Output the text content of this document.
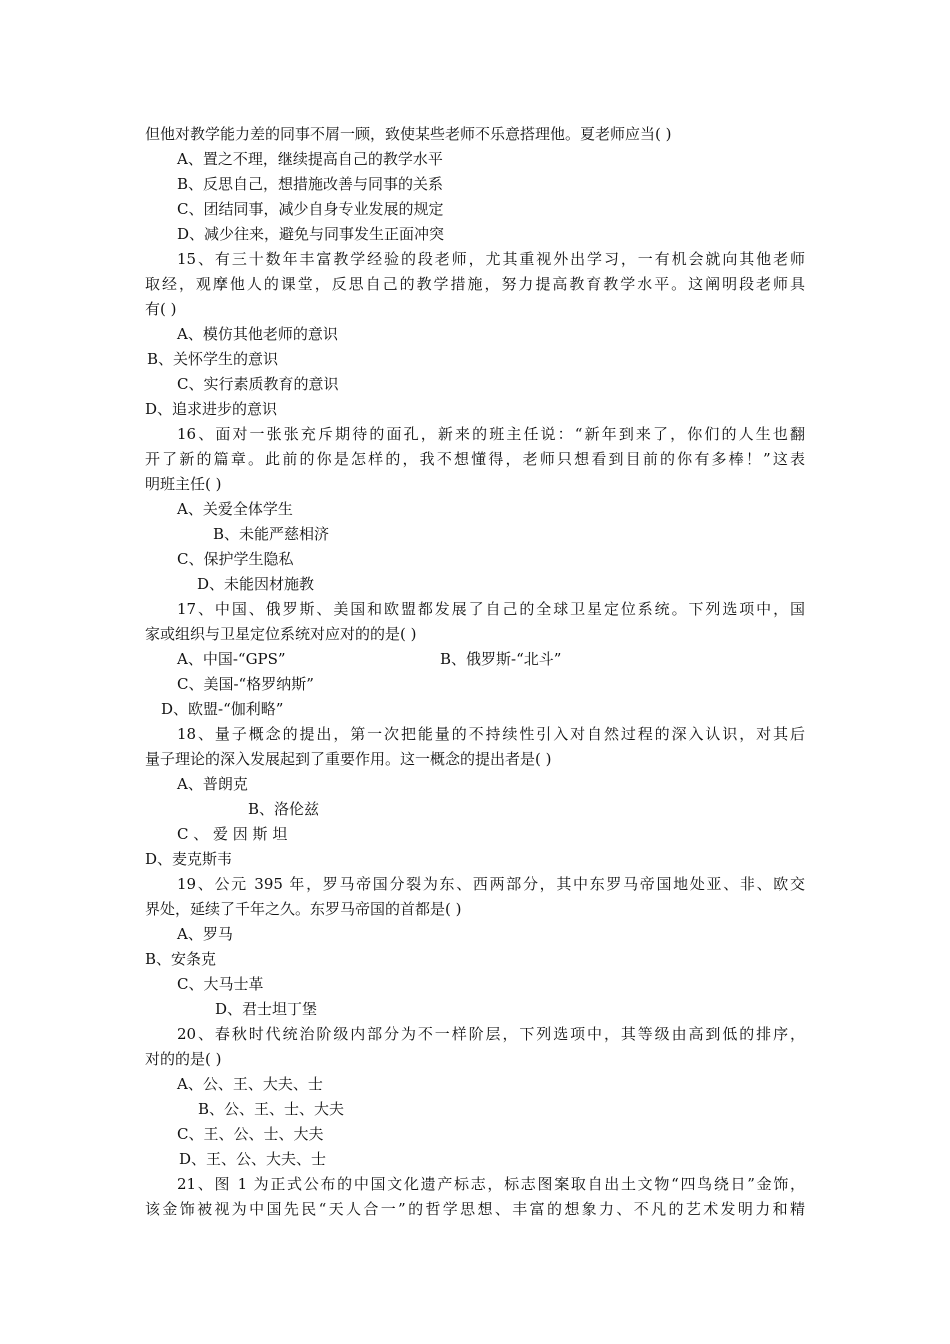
但他对教学能力差的同事不屑一顾，致使某些老师不乐意搭理他。夏老师应当( )
A、置之不理，继续提高自己的教学水平
B、反思自己，想措施改善与同事的关系
C、团结同事，减少自身专业发展的规定
D、减少往来，避免与同事发生正面冲突
15、有三十数年丰富教学经验的段老师，尤其重视外出学习，一有机会就向其他老师
取经，观摩他人的课堂，反思自己的教学措施，努力提高教育教学水平。这阐明段老师具
有( )
A、模仿其他老师的意识
B、关怀学生的意识
C、实行素质教育的意识
D、追求进步的意识
16、面对一张张充斥期待的面孔，新来的班主任说：“新年到来了，你们的人生也翻
开了新的篇章。此前的你是怎样的，我不想懂得，老师只想看到目前的你有多棒！”这表
明班主任( )
A、关爱全体学生
B、未能严慈相济
C、保护学生隐私
D、未能因材施教
17、中国、俄罗斯、美国和欧盟都发展了自己的全球卫星定位系统。下列选项中，国
家或组织与卫星定位系统对应对的的是( )
A、中国-“GPS”	B、俄罗斯-“北斗”
C、美国-“格罗纳斯”
D、欧盟-“伽利略”
18、量子概念的提出，第一次把能量的不持续性引入对自然过程的深入认识，对其后
量子理论的深入发展起到了重要作用。这一概念的提出者是( )
A、普朗克
B、洛伦兹
C 、 爱 因 斯 坦
D、麦克斯韦
19、公元 395 年，罗马帝国分裂为东、西两部分，其中东罗马帝国地处亚、非、欧交
界处，延续了千年之久。东罗马帝国的首都是( )
A、罗马
B、安条克
C、大马士革
D、君士坦丁堡
20、春秋时代统治阶级内部分为不一样阶层，下列选项中，其等级由高到低的排序，
对的的是( )
A、公、王、大夫、士
B、公、王、士、大夫
C、王、公、士、大夫
D、王、公、大夫、士
21、图 1 为正式公布的中国文化遗产标志，标志图案取自出土文物“四鸟绕日”金饰，
该金饰被视为中国先民“天人合一”的哲学思想、丰富的想象力、不凡的艺术发明力和精
